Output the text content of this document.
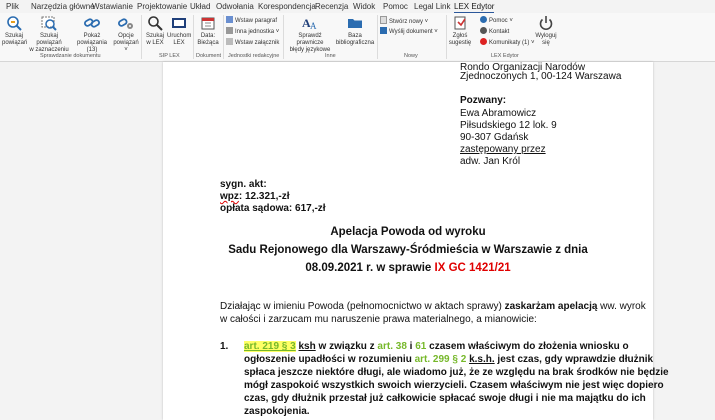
Plik Narzędzia główne
Wstawianie Projektowanie Układ Odwołania Korespondencja Recenzja Widok Pomoc Legal Link LEX Edytor
Szukaj
powiązań
Szukaj powiązań
w zaznaczeniu
Pokaż
powiązania (13)
Opcje
powiązań ˅
Sprawdzanie dokumentu
Szukaj
w LEX
Uruchom
LEX
SIP LEX
Data:
Bieżąca
Dokument
Wstaw paragraf
Inna jednostka ˅
Wstaw załącznik
Jednostki redakcyjne
A A
Sprawdź prawnicze
błędy językowe
Baza
bibliograficzna
Inne
Stwórz nowy ˅
Wyślij dokument ˅
Nowy
Zgłoś
sugestię
Pomoc ˅
Kontakt
Komunikaty (1) ˅
Wyloguj
się
LEX Edytor
Rondo Organizacji Narodów
Zjednoczonych 1, 00-124 Warszawa
Pozwany:
Ewa Abramowicz
Piłsudskiego 12 lok. 9
90-307 Gdańsk
zastępowany przez
adw. Jan Król
sygn. akt:
wpz: 12.321,-zł
opłata sądowa: 617,-zł
Apelacja Powoda od wyroku
Sadu Rejonowego dla Warszawy-Śródmieścia w Warszawie z dnia
08.09.2021 r. w sprawie IX GC 1421/21
Działając w imieniu Powoda (pełnomocnictwo w aktach sprawy) zaskarżam apelacją ww. wyrok
w całości i zarzucam mu naruszenie prawa materialnego, a mianowicie:
1. art. 219 § 3 ksh w związku z art. 38 i 61 czasem właściwym do złożenia wniosku o
ogłoszenie upadłości w rozumieniu art. 299 § 2 k.s.h. jest czas, gdy wprawdzie dłużnik
spłaca jeszcze niektóre długi, ale wiadomo już, że ze względu na brak środków nie będzie
mógł zaspokoić wszystkich swoich wierzycieli. Czasem właściwym nie jest więc dopiero
czas, gdy dłużnik przestał już całkowicie spłacać swoje długi i nie ma majątku do ich
zaspokojenia.
